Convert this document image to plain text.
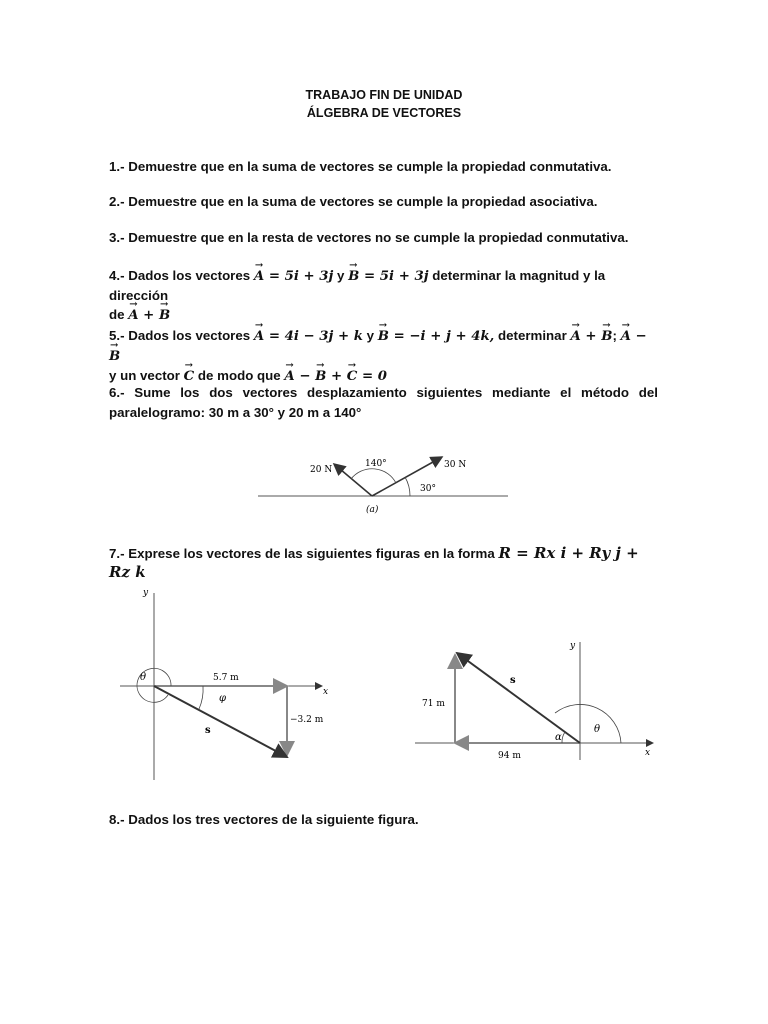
TRABAJO FIN DE UNIDAD
ÁLGEBRA DE VECTORES
1.- Demuestre que en la suma de vectores se cumple la propiedad conmutativa.
2.- Demuestre que en la suma de vectores se cumple la propiedad asociativa.
3.- Demuestre que en la resta de vectores no se cumple la propiedad conmutativa.
4.- Dados los vectores → A = 5i + 3j y → B = 5i + 3j determinar la magnitud y la dirección
de → A + → B
5.- Dados los vectores → A = 4i − 3j + k y → B = −i + j + 4k, determinar → A + → B; → A − → B
y un vector → C de modo que → A − → B + → C = 0
6.- Sume los dos vectores desplazamiento siguientes mediante el método del
paralelogramo: 30 m a 30° y 20 m a 140°
20 N
140°	30 N
30°
(a)
7.- Exprese los vectores de las siguientes figuras en la forma R = Rx i + Ry j + Rz k
y
x
θ
φ
5.7 m
−3.2 m
s
y
x
θ
α
71 m
94 m
s
8.- Dados los tres vectores de la siguiente figura.
